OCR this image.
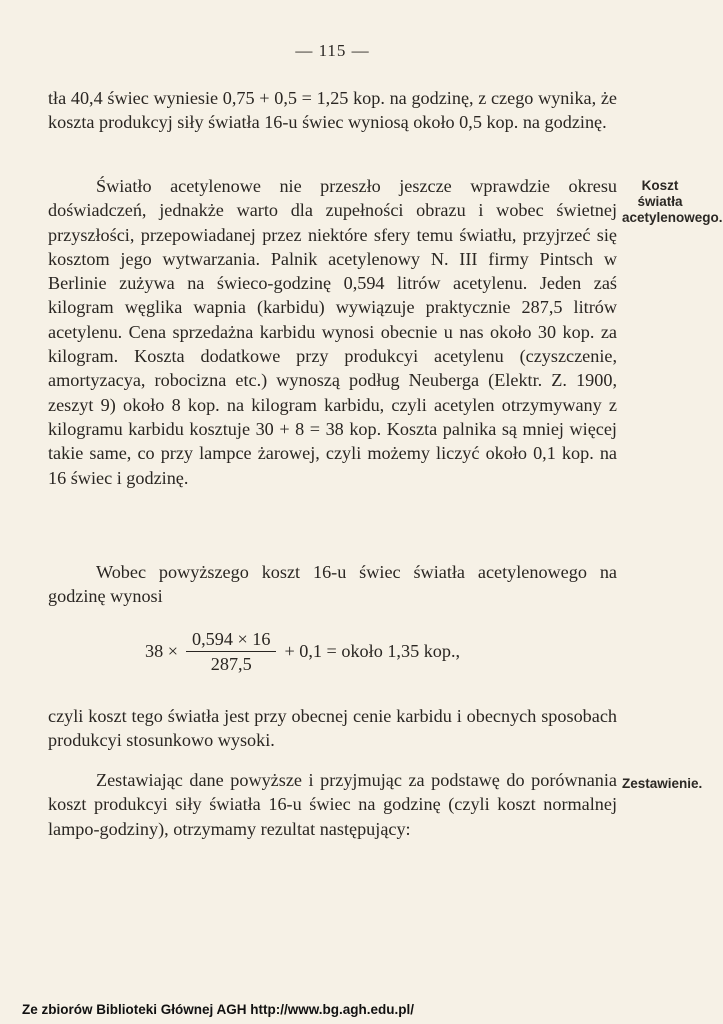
— 115 —

tła 40,4 świec wyniesie 0,75 + 0,5 = 1,25 kop. na godzinę, z czego wynika, że koszta produkcyj siły światła 16-u świec wyniosą około 0,5 kop. na godzinę.

Światło acetylenowe nie przeszło jeszcze wprawdzie okresu doświadczeń, jednakże warto dla zupełności obrazu i wobec świetnej przyszłości, przepowiadanej przez niektóre sfery temu światłu, przyjrzeć się kosztom jego wytwarzania. Palnik acetylenowy N. III firmy Pintsch w Berlinie zużywa na świeco-godzinę 0,594 litrów acetylenu. Jeden zaś kilogram węglika wapnia (karbidu) wywiązuje praktycznie 287,5 litrów acetylenu. Cena sprzedażna karbidu wynosi obecnie u nas około 30 kop. za kilogram. Koszta dodatkowe przy produkcyi acetylenu (czyszczenie, amortyzacya, robocizna etc.) wynoszą podług Neuberga (Elektr. Z. 1900, zeszyt 9) około 8 kop. na kilogram karbidu, czyli acetylen otrzymywany z kilogramu karbidu kosztuje 30 + 8 = 38 kop. Koszta palnika są mniej więcej takie same, co przy lampce żarowej, czyli możemy liczyć około 0,1 kop. na 16 świec i godzinę.

Wobec powyższego koszt 16-u świec światła acetylenowego na godzinę wynosi

$38 \times \frac{0,594 \times 16}{287,5} + 0,1$ = około 1,35 kop.,

czyli koszt tego światła jest przy obecnej cenie karbidu i obecnych sposobach produkcyi stosunkowo wysoki.

Zestawiając dane powyższe i przyjmując za podstawę do porównania koszt produkcyi siły światła 16-u świec na godzinę (czyli koszt normalnej lampo-godziny), otrzymamy rezultat następujący:

Koszt światła acetylenowego.
Zestawienie.
Ze zbiorów Biblioteki Głównej AGH http://www.bg.agh.edu.pl/
